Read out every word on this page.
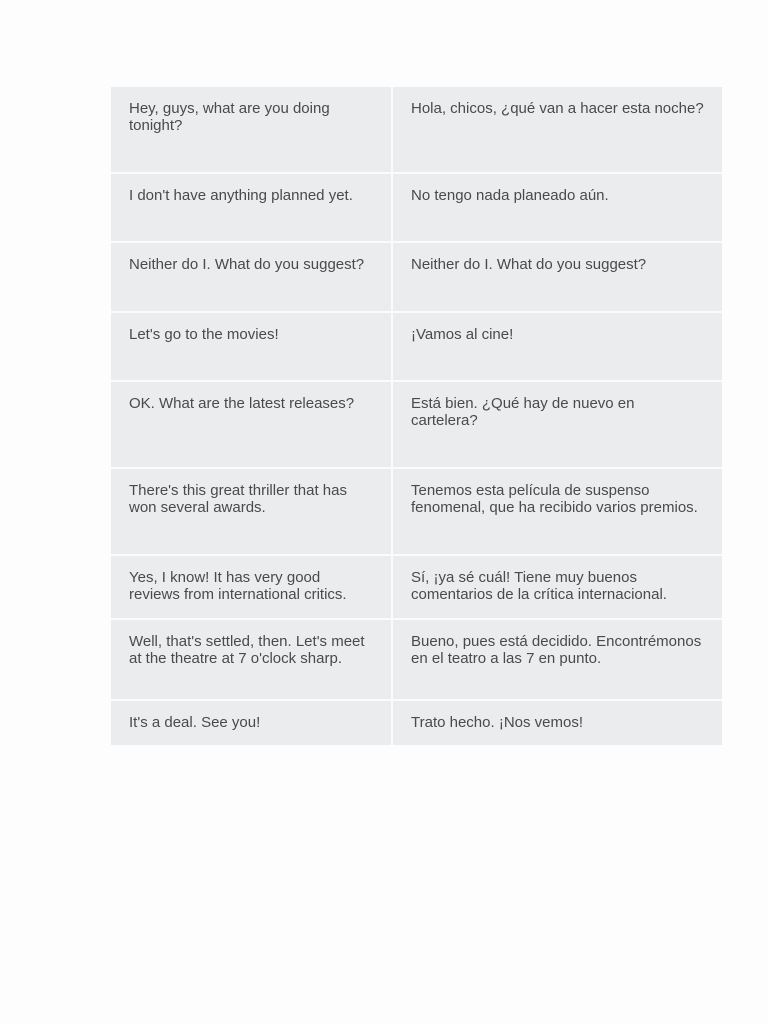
Hey, guys, what are you doing tonight?	Hola, chicos, ¿qué van a hacer esta noche?
I don't have anything planned yet.	No tengo nada planeado aún.
Neither do I. What do you suggest?	Neither do I. What do you suggest?
Let's go to the movies!	¡Vamos al cine!
OK. What are the latest releases?	Está bien. ¿Qué hay de nuevo en cartelera?
There's this great thriller that has won several awards.	Tenemos esta película de suspenso fenomenal, que ha recibido varios premios.
Yes, I know! It has very good reviews from international critics.	Sí, ¡ya sé cuál! Tiene muy buenos comentarios de la crítica internacional.
Well, that's settled, then. Let's meet at the theatre at 7 o'clock sharp.	Bueno, pues está decidido. Encontrémonos en el teatro a las 7 en punto.
It's a deal. See you!	Trato hecho. ¡Nos vemos!
